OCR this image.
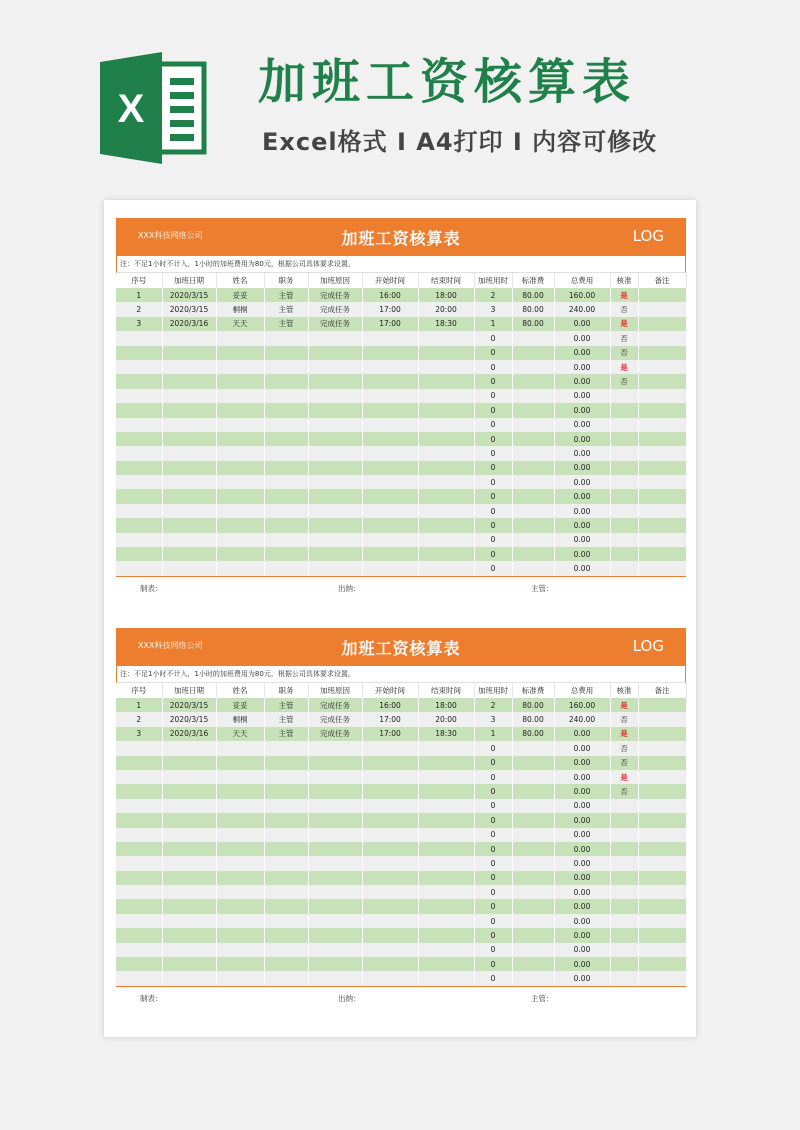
X 加班工资核算表
Excel格式 I A4打印 I 内容可修改
XXX科技网络公司	加班工资核算表	LOG
注：不足1小时不计入，1小时的加班费用为80元，根据公司具体要求设置。
序号	加班日期	姓名	职务	加班原因	开始时间	结束时间	加班用时	标准费	总费用	核准	备注
1	2020/3/15	妥妥	主管	完成任务	16:00	18:00	2	80.00	160.00	是	
2	2020/3/15	桐桐	主管	完成任务	17:00	20:00	3	80.00	240.00	否	
3	2020/3/16	天天	主管	完成任务	17:00	18:30	1	80.00	0.00	是	
							0		0.00	否	
							0		0.00	否	
							0		0.00	是	
							0		0.00	否	
							0		0.00		
							0		0.00		
							0		0.00		
							0		0.00		
							0		0.00		
							0		0.00		
							0		0.00		
							0		0.00		
							0		0.00		
							0		0.00		
							0		0.00		
							0		0.00		
							0		0.00		
制表：	出纳：	主管：
XXX科技网络公司	加班工资核算表	LOG
注：不足1小时不计入，1小时的加班费用为80元，根据公司具体要求设置。
序号	加班日期	姓名	职务	加班原因	开始时间	结束时间	加班用时	标准费	总费用	核准	备注
1	2020/3/15	妥妥	主管	完成任务	16:00	18:00	2	80.00	160.00	是	
2	2020/3/15	桐桐	主管	完成任务	17:00	20:00	3	80.00	240.00	否	
3	2020/3/16	天天	主管	完成任务	17:00	18:30	1	80.00	0.00	是	
							0		0.00	否	
							0		0.00	否	
							0		0.00	是	
							0		0.00	否	
							0		0.00		
							0		0.00		
							0		0.00		
							0		0.00		
							0		0.00		
							0		0.00		
							0		0.00		
							0		0.00		
							0		0.00		
							0		0.00		
							0		0.00		
							0		0.00		
							0		0.00		
制表：	出纳：	主管：
